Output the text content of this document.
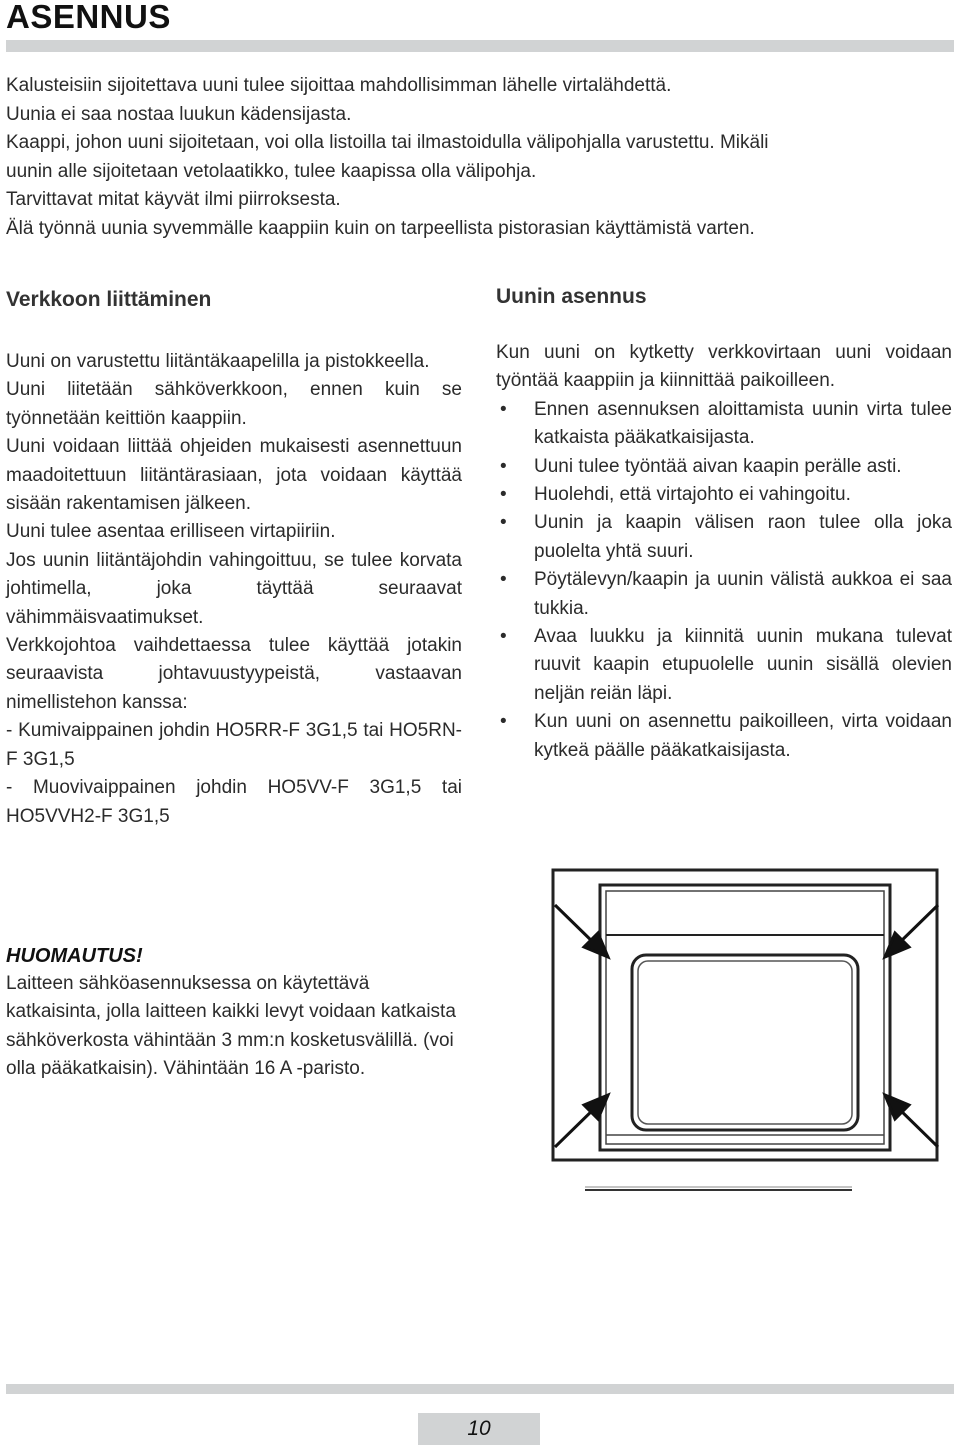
ASENNUS

Kalusteisiin sijoitettava uuni tulee sijoittaa mahdollisimman lähelle virtalähdettä.

Uunia ei saa nostaa luukun kädensijasta.

Kaappi, johon uuni sijoitetaan, voi olla listoilla tai ilmastoidulla välipohjalla varustettu. Mikäli

uunin alle sijoitetaan vetolaatikko, tulee kaapissa olla välipohja.

Tarvittavat mitat käyvät ilmi piirroksesta.

Älä työnnä uunia syvemmälle kaappiin kuin on tarpeellista pistorasian käyttämistä varten.

Verkkoon liittäminen

Uuni on varustettu liitäntäkaapelilla ja pistokkeella.

Uuni liitetään sähköverkkoon, ennen kuin se työnnetään keittiön kaappiin.

Uuni voidaan liittää ohjeiden mukaisesti asennettuun maadoitettuun liitäntärasiaan, jota voidaan käyttää sisään rakentamisen jälkeen.

Uuni tulee asentaa erilliseen virtapiiriin.

Jos uunin liitäntäjohdin vahingoittuu, se tulee korvata johtimella, joka täyttää seuraavat vähimmäisvaatimukset.

Verkkojohtoa vaihdettaessa tulee käyttää jotakin seuraavista johtavuustyypeistä, vastaavan nimellistehon kanssa:

- Kumivaippainen johdin HO5RR-F 3G1,5 tai HO5RN-F 3G1,5

- Muovivaippainen johdin HO5VV-F 3G1,5 tai HO5VVH2-F 3G1,5

Uunin asennus

Kun uuni on kytketty verkkovirtaan uuni voidaan työntää kaappiin ja kiinnittää paikoilleen.

• Ennen asennuksen aloittamista uunin virta tulee katkaista pääkatkaisijasta.
• Uuni tulee työntää aivan kaapin perälle asti.
• Huolehdi, että virtajohto ei vahingoitu.
• Uunin ja kaapin välisen raon tulee olla joka puolelta yhtä suuri.
• Pöytälevyn/kaapin ja uunin välistä aukkoa ei saa tukkia.
• Avaa luukku ja kiinnitä uunin mukana tulevat ruuvit kaapin etupuolelle uunin sisällä olevien neljän reiän läpi.
• Kun uuni on asennettu paikoilleen, virta voidaan kytkeä päälle pääkatkaisijasta.
HUOMAUTUS!
Laitteen sähköasennuksessa on käytettävä katkaisinta, jolla laitteen kaikki levyt voidaan katkaista sähköverkosta vähintään 3 mm:n kosketusvälillä. (voi olla pääkatkaisin). Vähintään 16 A -paristo.
10
